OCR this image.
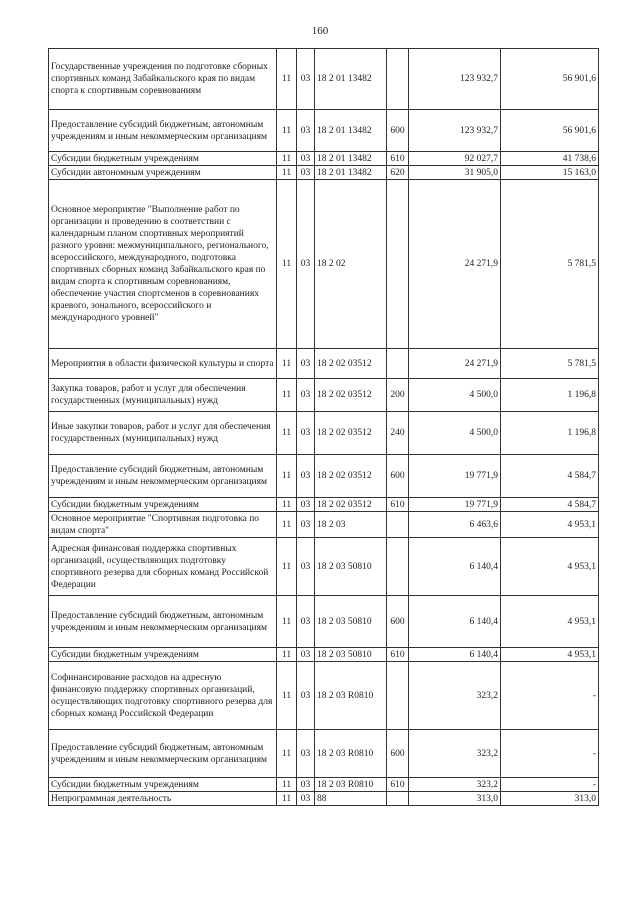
160
Государственные учреждения по подготовке сборных спортивных команд Забайкальского края по видам спорта к спортивным соревнованиям	11	03	18 2 01 13482		123 932,7	56 901,6
Предоставление субсидий бюджетным, автономным учреждениям и иным некоммерческим организациям	11	03	18 2 01 13482	600	123 932,7	56 901,6
Субсидии бюджетным учреждениям	11	03	18 2 01 13482	610	92 027,7	41 738,6
Субсидии автономным учреждениям	11	03	18 2 01 13482	620	31 905,0	15 163,0
Основное мероприятие "Выполнение работ по организации и проведению в соответствии с календарным планом спортивных мероприятий разного уровня: межмуниципального, регионального, всероссийского, международного, подготовка спортивных сборных команд Забайкальского края по видам спорта к спортивным соревнованиям, обеспечение участия спортсменов в соревнованиях краевого, зонального, всероссийского и международного уровней"	11	03	18 2 02		24 271,9	5 781,5
Мероприятия в области физической культуры и спорта	11	03	18 2 02 03512		24 271,9	5 781,5
Закупка товаров, работ и услуг для обеспечения государственных (муниципальных) нужд	11	03	18 2 02 03512	200	4 500,0	1 196,8
Иные закупки товаров, работ и услуг для обеспечения государственных (муниципальных) нужд	11	03	18 2 02 03512	240	4 500,0	1 196,8
Предоставление субсидий бюджетным, автономным учреждениям и иным некоммерческим организациям	11	03	18 2 02 03512	600	19 771,9	4 584,7
Субсидии бюджетным учреждениям	11	03	18 2 02 03512	610	19 771,9	4 584,7
Основное мероприятие "Спортивная подготовка по видам спорта"	11	03	18 2 03		6 463,6	4 953,1
Адресная финансовая поддержка спортивных организаций, осуществляющих подготовку спортивного резерва для сборных команд Российской Федерации	11	03	18 2 03 50810		6 140,4	4 953,1
Предоставление субсидий бюджетным, автономным учреждениям и иным некоммерческим организациям	11	03	18 2 03 50810	600	6 140,4	4 953,1
Субсидии бюджетным учреждениям	11	03	18 2 03 50810	610	6 140,4	4 953,1
Софинансирование расходов на адресную финансовую поддержку спортивных организаций, осуществляющих подготовку спортивного резерва для сборных команд Российской Федерации	11	03	18 2 03 R0810		323,2	-
Предоставление субсидий бюджетным, автономным учреждениям и иным некоммерческим организациям	11	03	18 2 03 R0810	600	323,2	-
Субсидии бюджетным учреждениям	11	03	18 2 03 R0810	610	323,2	-
Непрограммная деятельность	11	03	88		313,0	313,0
